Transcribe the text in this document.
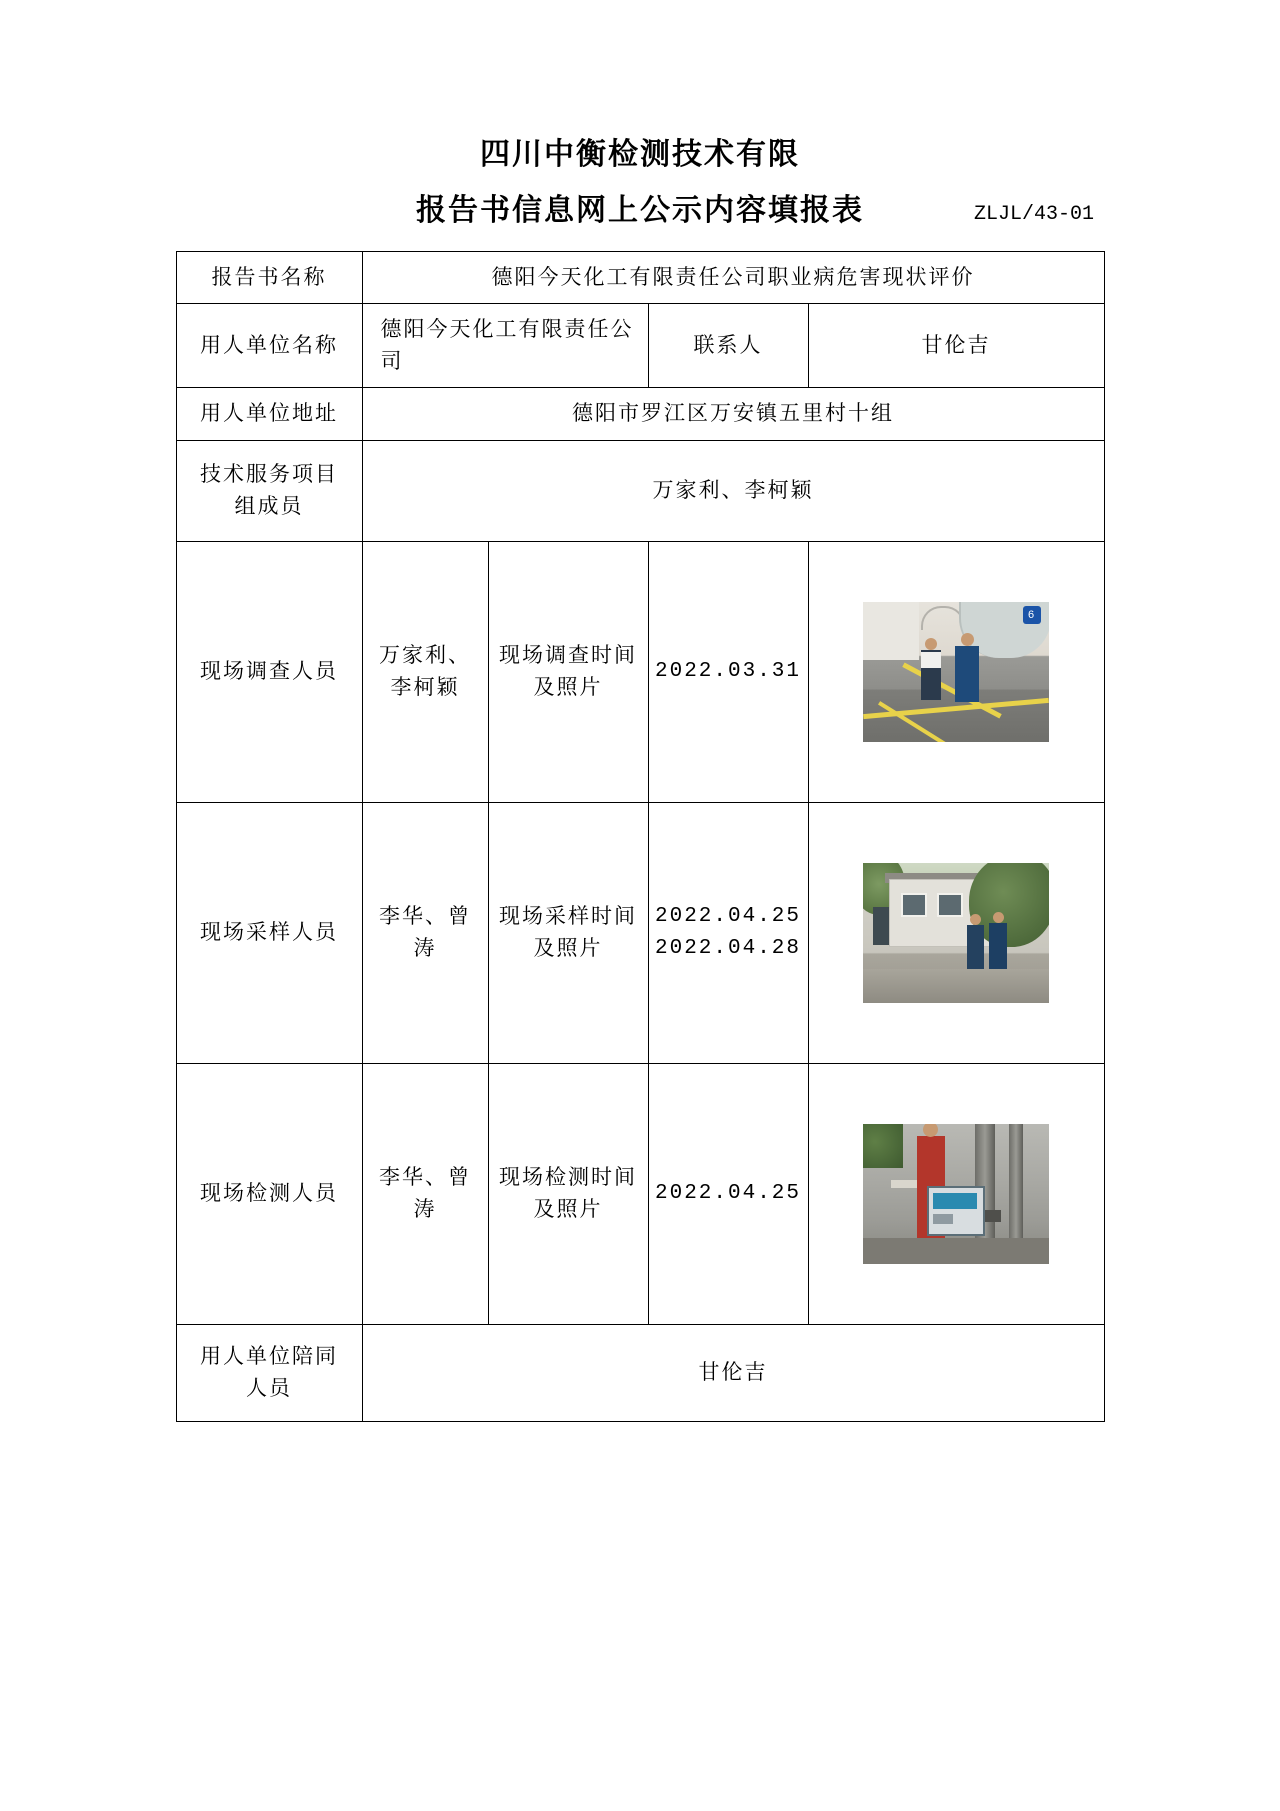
四川中衡检测技术有限
报告书信息网上公示内容填报表	ZLJL/43-01
报告书名称	德阳今天化工有限责任公司职业病危害现状评价			
用人单位名称	德阳今天化工有限责任公司		联系人	甘伦吉
用人单位地址	德阳市罗江区万安镇五里村十组			

技术服务项目
组成员	万家利、李柯颖			
现场调查人员	万家利、李柯颖	现场调查时间及照片	2022.03.31	6

现场采样人员	李华、曾涛	现场采样时间及照片	2022.04.25
2022.04.28	

现场检测人员	李华、曾涛	现场检测时间及照片	2022.04.25	

用人单位陪同
人员	甘伦吉			
